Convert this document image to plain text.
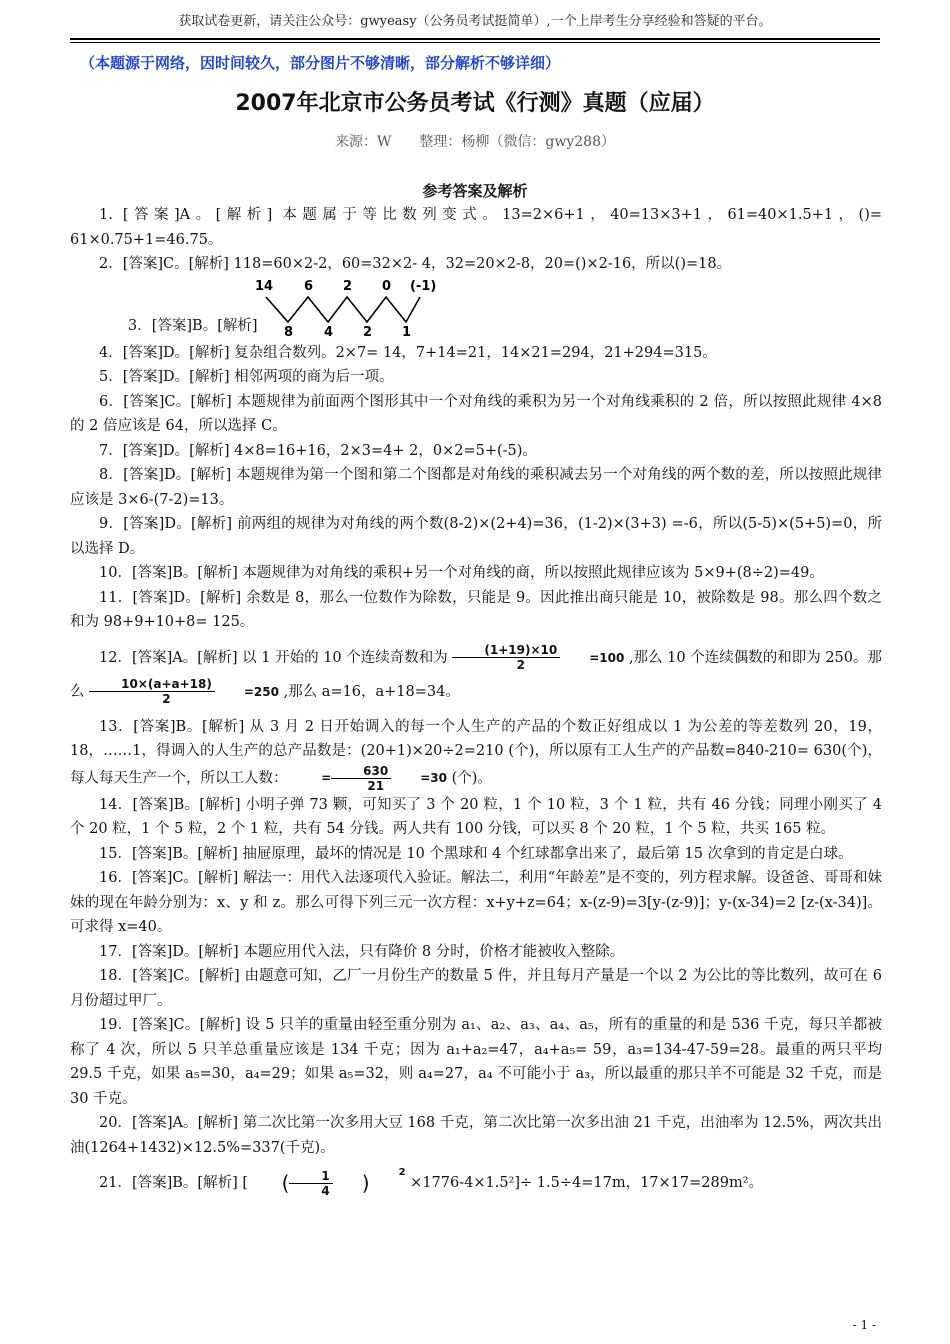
获取试卷更新，请关注公众号：gwyeasy（公务员考试挺简单）,一个上岸考生分享经验和答疑的平台。
（本题源于网络，因时间较久，部分图片不够清晰，部分解析不够详细）
2007年北京市公务员考试《行测》真题（应届）
来源：W　　整理：杨柳（微信：gwy288）
参考答案及解析

1. [答案]A。[解析] 本题属于等比数列变式。13=2×6+1，40=13×3+1，61=40×1.5+1，()= 61×0.75+1=46.75。

2．[答案]C。[解析] 118=60×2-2，60=32×2- 4，32=20×2-8，20=()×2-16，所以()=18。

3．[答案]B。[解析]
14 6 2 0 (-1)
8 4 2 1

4．[答案]D。[解析] 复杂组合数列。2×7= 14，7+14=21，14×21=294，21+294=315。

5．[答案]D。[解析] 相邻两项的商为后一项。

6．[答案]C。[解析] 本题规律为前面两个图形其中一个对角线的乘积为另一个对角线乘积的 2 倍，所以按照此规律 4×8 的 2 倍应该是 64，所以选择 C。

7．[答案]D。[解析] 4×8=16+16，2×3=4+ 2，0×2=5+(-5)。

8．[答案]D。[解析] 本题规律为第一个图和第二个图都是对角线的乘积减去另一个对角线的两个数的差，所以按照此规律应该是 3×6-(7-2)=13。

9．[答案]D。[解析] 前两组的规律为对角线的两个数(8-2)×(2+4)=36，(1-2)×(3+3) =-6，所以(5-5)×(5+5)=0，所以选择 D。

10．[答案]B。[解析] 本题规律为对角线的乘积+另一个对角线的商，所以按照此规律应该为 5×9+(8÷2)=49。

11．[答案]D。[解析] 余数是 8，那么一位数作为除数，只能是 9。因此推出商只能是 10，被除数是 98。那么四个数之和为 98+9+10+8= 125。

12．[答案]A。[解析] 以 1 开始的 10 个连续奇数和为 $\frac{(1+19)\times 10}{2}$	=100 ,那么 10 个连续偶数的和即为 250。那么 $\frac{10\times(a+a+18)}{2}$	=250 ,那么 a=16，a+18=34。

13．[答案]B。[解析] 从 3 月 2 日开始调入的每一个人生产的产品的个数正好组成以 1 为公差的等差数列 20，19，18，……1，得调入的人生产的总产品数是：(20+1)×20÷2=210 (个)，所以原有工人生产的产品数=840-210= 630(个)，每人每天生产一个，所以工人数：	= $\frac{630}{21}$	=30 (个)。

14．[答案]B。[解析] 小明子弹 73 颗，可知买了 3 个 20 粒，1 个 10 粒，3 个 1 粒，共有 46 分钱；同理小刚买了 4 个 20 粒，1 个 5 粒，2 个 1 粒，共有 54 分钱。两人共有 100 分钱，可以买 8 个 20 粒，1 个 5 粒，共买 165 粒。

15．[答案]B。[解析] 抽屉原理，最坏的情况是 10 个黑球和 4 个红球都拿出来了，最后第 15 次拿到的肯定是白球。

16．[答案]C。[解析] 解法一：用代入法逐项代入验证。解法二，利用“年龄差”是不变的，列方程求解。设爸爸、哥哥和妹妹的现在年龄分别为：x、y 和 z。那么可得下列三元一次方程：x+y+z=64；x-(z-9)=3[y-(z-9)]；y-(x-34)=2 [z-(x-34)]。可求得 x=40。

17．[答案]D。[解析] 本题应用代入法，只有降价 8 分时，价格才能被收入整除。

18．[答案]C。[解析] 由题意可知，乙厂一月份生产的数量 5 件，并且每月产量是一个以 2 为公比的等比数列，故可在 6 月份超过甲厂。

19．[答案]C。[解析] 设 5 只羊的重量由轻至重分别为 a₁、a₂、a₃、a₄、a₅，所有的重量的和是 536 千克，每只羊都被称了 4 次，所以 5 只羊总重量应该是 134 千克；因为 a₁+a₂=47，a₄+a₅= 59，a₃=134-47-59=28。最重的两只平均 29.5 千克，如果 a₅=30，a₄=29；如果 a₅=32，则 a₄=27，a₄ 不可能小于 a₃，所以最重的那只羊不可能是 32 千克，而是 30 千克。

20．[答案]A。[解析] 第二次比第一次多用大豆 168 千克，第二次比第一次多出油 21 千克，出油率为 12.5%，两次共出油(1264+1432)×12.5%=337(千克)。

21．[答案]B。[解析] [	( $\frac{1}{4}$	)	$^2$
×1776-4×1.5²]÷ 1.5÷4=17m，17×17=289m²。

- 1 -
